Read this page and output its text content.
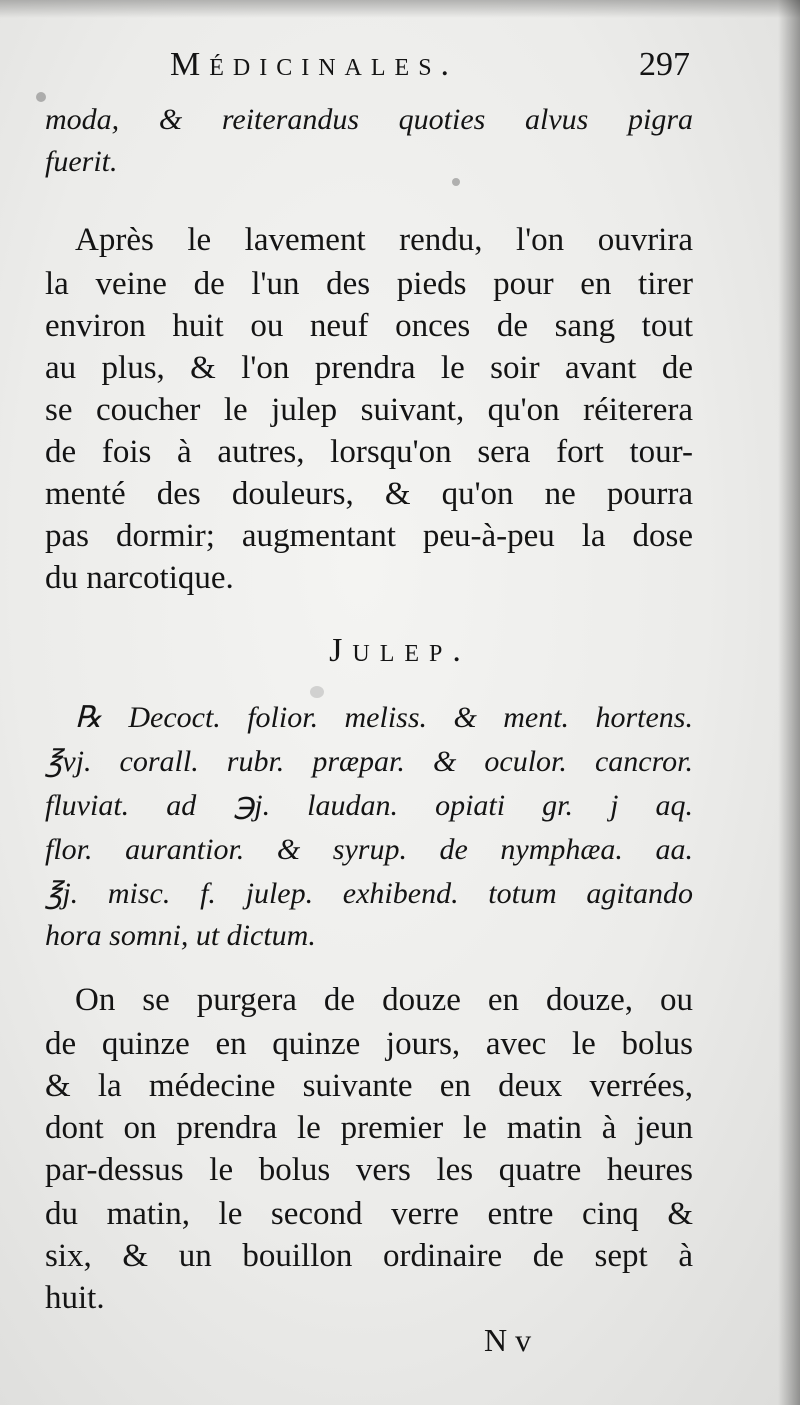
Médicinales.	297
moda, & reiterandus quoties alvus pigra
fuerit.
Après le lavement rendu, l'on ouvrira
la veine de l'un des pieds pour en tirer
environ huit ou neuf onces de sang tout
au plus, & l'on prendra le soir avant de
se coucher le julep suivant, qu'on réiterera
de fois à autres, lorsqu'on sera fort tour-
menté des douleurs, & qu'on ne pourra
pas dormir; augmentant peu-à-peu la dose
du narcotique.
Julep.
℞ Decoct. folior. meliss. & ment. hortens.
℥vj. corall. rubr. præpar. & oculor. cancror.
fluviat. ad ℈j. laudan. opiati gr. j aq.
flor. aurantior. & syrup. de nymphæa. aa.
℥j. misc. f. julep. exhibend. totum agitando
hora somni, ut dictum.
On se purgera de douze en douze, ou
de quinze en quinze jours, avec le bolus
& la médecine suivante en deux verrées,
dont on prendra le premier le matin à jeun
par-dessus le bolus vers les quatre heures
du matin, le second verre entre cinq &
six, & un bouillon ordinaire de sept à
huit.
N v
